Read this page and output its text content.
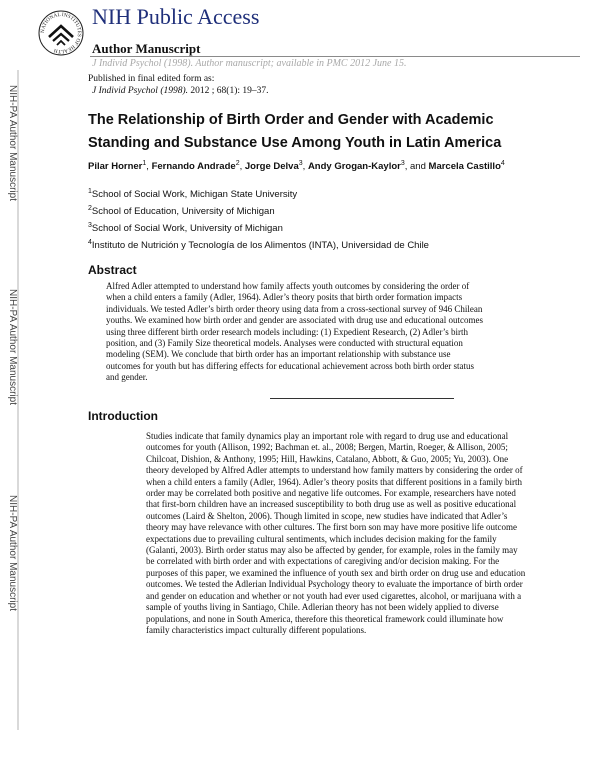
NIH-PA Author Manuscript
NIH-PA Author Manuscript
NIH-PA Author Manuscript
NATIONAL INSTITUTES OF HEALTH
NIH Public Access
Author Manuscript
J Individ Psychol (1998). Author manuscript; available in PMC 2012 June 15.
Published in final edited form as:
J Individ Psychol (1998). 2012 ; 68(1): 19–37.
The Relationship of Birth Order and Gender with Academic Standing and Substance Use Among Youth in Latin America
Pilar Horner$^1$, Fernando Andrade$^2$, Jorge Delva$^3$, Andy Grogan-Kaylor$^3$, and Marcela Castillo$^4$
$^1$School of Social Work, Michigan State University
$^2$School of Education, University of Michigan
$^3$School of Social Work, University of Michigan
$^4$Instituto de Nutrición y Tecnología de los Alimentos (INTA), Universidad de Chile
Abstract

Alfred Adler attempted to understand how family affects youth outcomes by considering the order of when a child enters a family (Adler, 1964). Adler’s theory posits that birth order formation impacts individuals. We tested Adler’s birth order theory using data from a cross-sectional survey of 946 Chilean youths. We examined how birth order and gender are associated with drug use and educational outcomes using three different birth order research models including: (1) Expedient Research, (2) Adler’s birth position, and (3) Family Size theoretical models. Analyses were conducted with structural equation modeling (SEM). We conclude that birth order has an important relationship with substance use outcomes for youth but has differing effects for educational achievement across both birth order status and gender.

Introduction

Studies indicate that family dynamics play an important role with regard to drug use and educational outcomes for youth (Allison, 1992; Bachman et. al., 2008; Bergen, Martin, Roeger, & Allison, 2005; Chilcoat, Dishion, & Anthony, 1995; Hill, Hawkins, Catalano, Abbott, & Guo, 2005; Yu, 2003). One theory developed by Alfred Adler attempts to understand how family matters by considering the order of when a child enters a family (Adler, 1964). Adler’s theory posits that different positions in a family birth order may be correlated both positive and negative life outcomes. For example, researchers have noted that first-born children have an increased susceptibility to both drug use as well as positive educational outcomes (Laird & Shelton, 2006). Though limited in scope, new studies have indicated that Adler’s theory may have relevance with other cultures. The first born son may have more positive life outcome expectations due to prevailing cultural sentiments, which includes decision making for the family (Galanti, 2003). Birth order status may also be affected by gender, for example, roles in the family may be correlated with birth order and with expectations of caregiving and/or decision making. For the purposes of this paper, we examined the influence of youth sex and birth order on drug use and education outcomes. We tested the Adlerian Individual Psychology theory to evaluate the importance of birth order and gender on education and whether or not youth had ever used cigarettes, alcohol, or marijuana with a sample of youths living in Santiago, Chile. Adlerian theory has not been widely applied to diverse populations, and none in South America, therefore this theoretical framework could illuminate how family characteristics impact culturally different populations.
